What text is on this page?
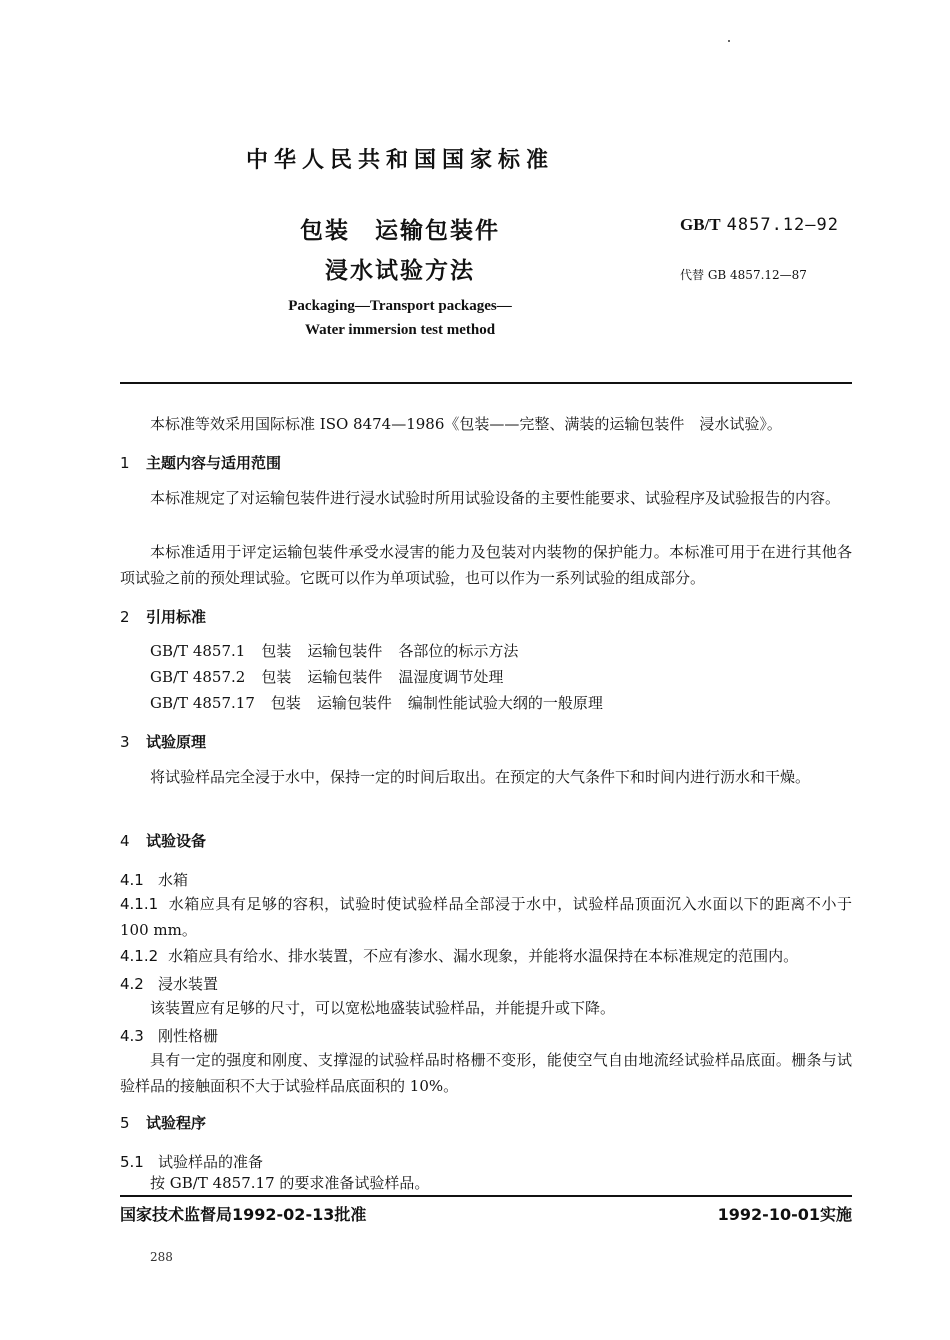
中华人民共和国国家标准
包装　运输包装件
浸水试验方法
GB/T 4857.12—92
代替 GB 4857.12—87
Packaging—Transport packages—
Water immersion test method
本标准等效采用国际标准 ISO 8474—1986《包装——完整、满装的运输包装件　浸水试验》。
1 主题内容与适用范围
本标准规定了对运输包装件进行浸水试验时所用试验设备的主要性能要求、试验程序及试验报告的内容。
本标准适用于评定运输包装件承受水浸害的能力及包装对内装物的保护能力。本标准可用于在进行其他各项试验之前的预处理试验。它既可以作为单项试验，也可以作为一系列试验的组成部分。
2 引用标准
GB/T 4857.1 包装 运输包装件 各部位的标示方法
GB/T 4857.2 包装 运输包装件 温湿度调节处理
GB/T 4857.17 包装 运输包装件 编制性能试验大纲的一般原理
3 试验原理
将试验样品完全浸于水中，保持一定的时间后取出。在预定的大气条件下和时间内进行沥水和干燥。
4 试验设备
4.1 水箱
4.1.1 水箱应具有足够的容积，试验时使试验样品全部浸于水中，试验样品顶面沉入水面以下的距离不小于 100 mm。
4.1.2 水箱应具有给水、排水装置，不应有渗水、漏水现象，并能将水温保持在本标准规定的范围内。
4.2 浸水装置
该装置应有足够的尺寸，可以宽松地盛装试验样品，并能提升或下降。
4.3 刚性格栅
具有一定的强度和刚度、支撑湿的试验样品时格栅不变形，能使空气自由地流经试验样品底面。栅条与试验样品的接触面积不大于试验样品底面积的 10%。
5 试验程序
5.1 试验样品的准备
按 GB/T 4857.17 的要求准备试验样品。
国家技术监督局1992-02-13批准	1992-10-01实施
288
